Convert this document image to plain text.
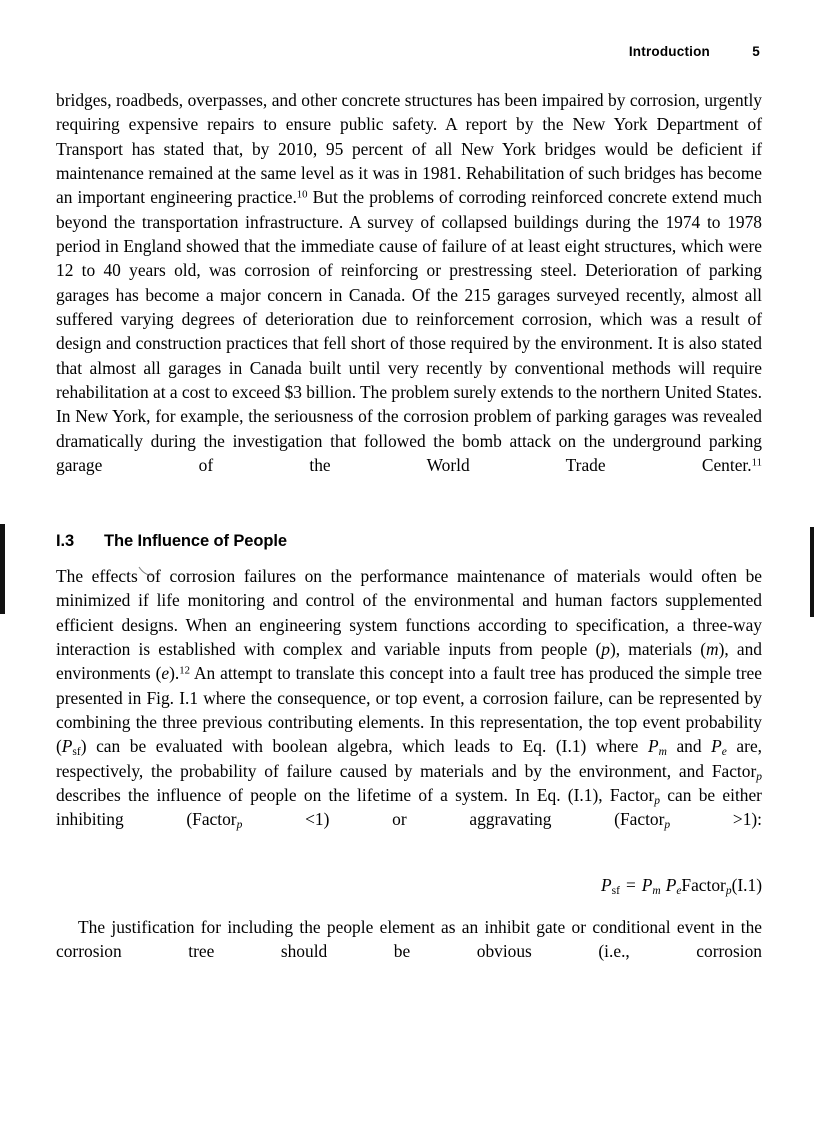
Introduction	5

bridges, roadbeds, overpasses, and other concrete structures has been impaired by corrosion, urgently requiring expensive repairs to ensure public safety. A report by the New York Department of Transport has stated that, by 2010, 95 percent of all New York bridges would be deficient if maintenance remained at the same level as it was in 1981. Rehabilitation of such bridges has become an important engineering practice.$^{10}$ But the problems of corroding reinforced concrete extend much beyond the transportation infrastructure. A survey of collapsed buildings during the 1974 to 1978 period in England showed that the immediate cause of failure of at least eight structures, which were 12 to 40 years old, was corrosion of reinforcing or prestressing steel. Deterioration of parking garages has become a major concern in Canada. Of the 215 garages surveyed recently, almost all suffered varying degrees of deterioration due to reinforcement corrosion, which was a result of design and construction practices that fell short of those required by the environment. It is also stated that almost all garages in Canada built until very recently by conventional methods will require rehabilitation at a cost to exceed $3 billion. The problem surely extends to the northern United States. In New York, for example, the seriousness of the corrosion problem of parking garages was revealed dramatically during the investigation that followed the bomb attack on the underground parking garage of the World Trade Center.$^{11}$

I.3	The Influence of People

The effects of corrosion failures on the performance maintenance of materials would often be minimized if life monitoring and control of the environmental and human factors supplemented efficient designs. When an engineering system functions according to specification, a three-way interaction is established with complex and variable inputs from people (p), materials (m), and environments (e).$^{12}$ An attempt to translate this concept into a fault tree has produced the simple tree presented in Fig. I.1 where the consequence, or top event, a corrosion failure, can be represented by combining the three previous contributing elements. In this representation, the top event probability (Psf) can be evaluated with boolean algebra, which leads to Eq. (I.1) where Pm and Pe are, respectively, the probability of failure caused by materials and by the environment, and Factorp describes the influence of people on the lifetime of a system. In Eq. (I.1), Factorp can be either inhibiting (Factorp <1) or aggravating (Factorp >1):

Psf = Pm PeFactorp (I.1)

The justification for including the people element as an inhibit gate or conditional event in the corrosion tree should be obvious (i.e., corrosion
